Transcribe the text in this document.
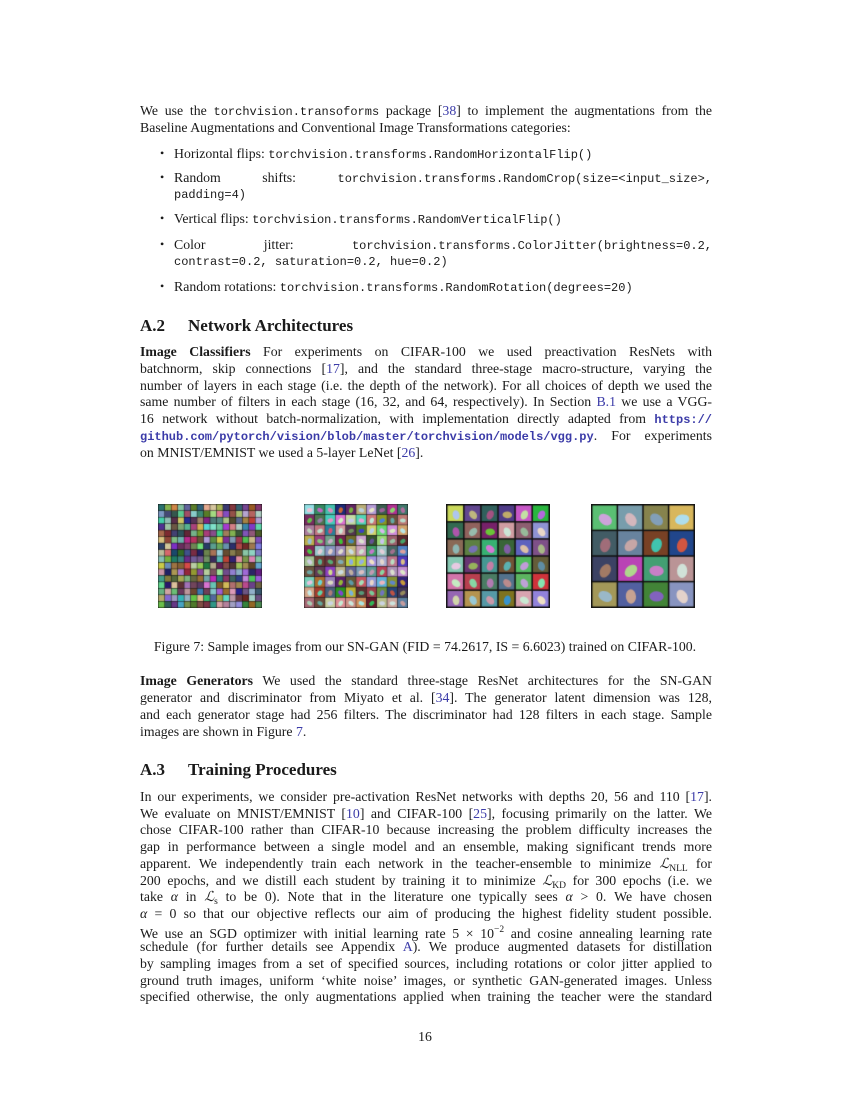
A.2 Network Architectures
A.3 Training Procedures
Figure 7: Sample images from our SN-GAN (FID = 74.2617, IS = 6.6023) trained on CIFAR-100.
16
We use the torchvision.transoforms package [38] to implement the augmentations from the
Baseline Augmentations and Conventional Image Transformations categories:
• Horizontal flips: torchvision.transforms.RandomHorizontalFlip()
• Random shifts: torchvision.transforms.RandomCrop(size=<input_size>,
padding=4)
• Vertical flips: torchvision.transforms.RandomVerticalFlip()
• Color jitter: torchvision.transforms.ColorJitter(brightness=0.2,
contrast=0.2, saturation=0.2, hue=0.2)
• Random rotations: torchvision.transforms.RandomRotation(degrees=20)
Image Classifiers For experiments on CIFAR-100 we used preactivation ResNets with
batchnorm, skip connections [17], and the standard three-stage macro-structure, varying the
number of layers in each stage (i.e. the depth of the network). For all choices of depth we used the
same number of filters in each stage (16, 32, and 64, respectively). In Section B.1 we use a VGG-
16 network without batch-normalization, with implementation directly adapted from https://
github.com/pytorch/vision/blob/master/torchvision/models/vgg.py. For experiments
on MNIST/EMNIST we used a 5-layer LeNet [26].
Image Generators We used the standard three-stage ResNet architectures for the SN-GAN
generator and discriminator from Miyato et al. [34]. The generator latent dimension was 128,
and each generator stage had 256 filters. The discriminator had 128 filters in each stage. Sample
images are shown in Figure 7.
In our experiments, we consider pre-activation ResNet networks with depths 20, 56 and 110 [17].
We evaluate on MNIST/EMNIST [10] and CIFAR-100 [25], focusing primarily on the latter. We
chose CIFAR-100 rather than CIFAR-10 because increasing the problem difficulty increases the
gap in performance between a single model and an ensemble, making significant trends more
apparent. We independently train each network in the teacher-ensemble to minimize ℒ$_{NLL}$ for
200 epochs, and we distill each student by training it to minimize ℒ$_{KD}$ for 300 epochs (i.e. we
take α in ℒ$_s$ to be 0). Note that in the literature one typically sees α > 0. We have chosen
α = 0 so that our objective reflects our aim of producing the highest fidelity student possible.
We use an SGD optimizer with initial learning rate $5 \times 10^{-2}$ and cosine annealing learning rate
schedule (for further details see Appendix A). We produce augmented datasets for distillation
by sampling images from a set of specified sources, including rotations or color jitter applied to
ground truth images, uniform ‘white noise’ images, or synthetic GAN-generated images. Unless
specified otherwise, the only augmentations applied when training the teacher were the standard
